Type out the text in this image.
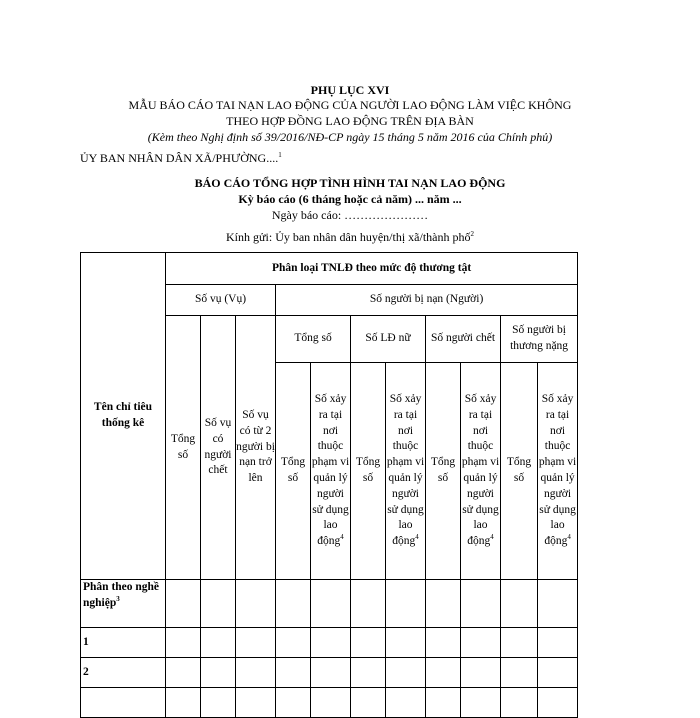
PHỤ LỤC XVI
MẪU BÁO CÁO TAI NẠN LAO ĐỘNG CỦA NGƯỜI LAO ĐỘNG LÀM VIỆC KHÔNG
THEO HỢP ĐỒNG LAO ĐỘNG TRÊN ĐỊA BÀN
(Kèm theo Nghị định số 39/2016/NĐ-CP ngày 15 tháng 5 năm 2016 của Chính phủ)
ỦY BAN NHÂN DÂN XÃ/PHƯỜNG....$^1$
BÁO CÁO TỔNG HỢP TÌNH HÌNH TAI NẠN LAO ĐỘNG
Kỳ báo cáo (6 tháng hoặc cả năm) ... năm ...
Ngày báo cáo: …………………
Kính gửi: Ủy ban nhân dân huyện/thị xã/thành phố$^2$
Tên chỉ tiêu thống kê	Phân loại TNLĐ theo mức độ thương tật										
	Số vụ (Vụ)			Số người bị nạn (Người)							
	Tổng số	Số vụ có người chết	Số vụ có từ 2 người bị nạn trở lên	Tổng số		Số LĐ nữ		Số người chết		Số người bị thương nặng	
				Tổng số	Số xảy ra tại nơi thuộc phạm vi quản lý người sử dụng lao động$^4$	Tổng số	Số xảy ra tại nơi thuộc phạm vi quản lý người sử dụng lao động$^4$	Tổng số	Số xảy ra tại nơi thuộc phạm vi quản lý người sử dụng lao động$^4$	Tổng số	Số xảy ra tại nơi thuộc phạm vi quản lý người sử dụng lao động$^4$
Phân theo nghề nghiệp$^3$											
1											
2											
